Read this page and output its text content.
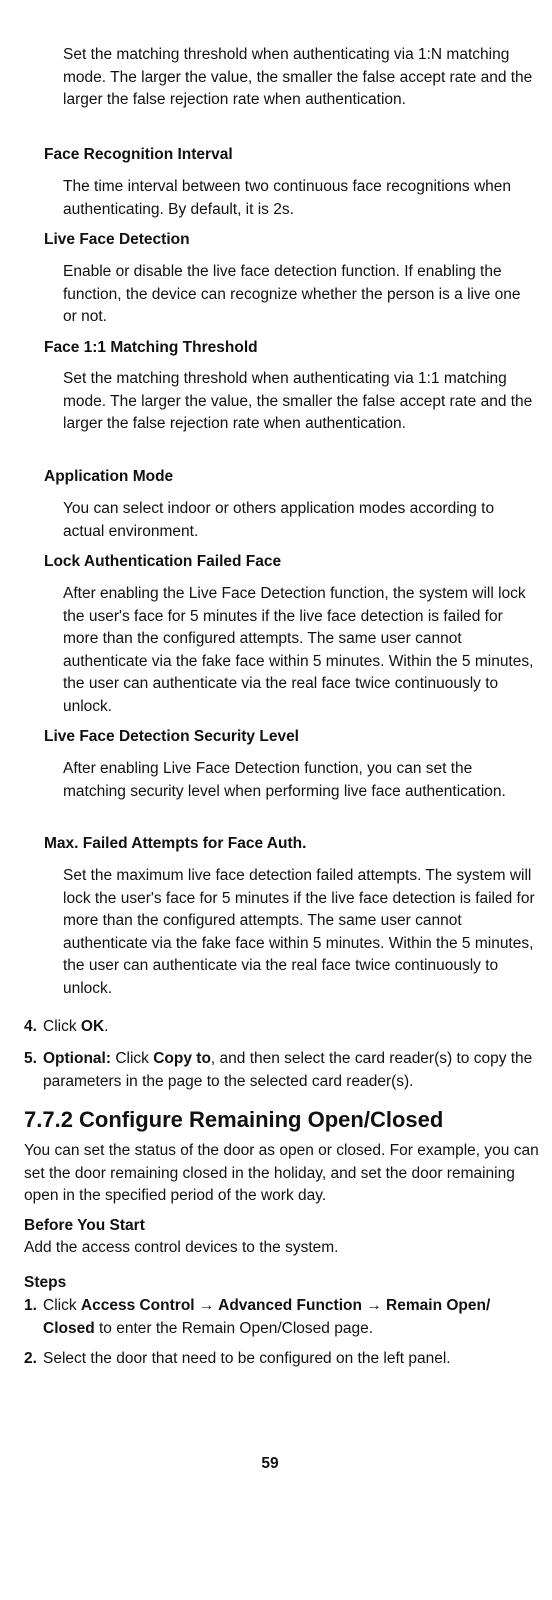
Set the matching threshold when authenticating via 1:N matching mode. The larger the value, the smaller the false accept rate and the larger the false rejection rate when authentication.

Face Recognition Interval

The time interval between two continuous face recognitions when authenticating. By default, it is 2s.

Live Face Detection

Enable or disable the live face detection function. If enabling the function, the device can recognize whether the person is a live one or not.

Face 1:1 Matching Threshold

Set the matching threshold when authenticating via 1:1 matching mode. The larger the value, the smaller the false accept rate and the larger the false rejection rate when authentication.

Application Mode

You can select indoor or others application modes according to actual environment.

Lock Authentication Failed Face

After enabling the Live Face Detection function, the system will lock the user's face for 5 minutes if the live face detection is failed for more than the configured attempts. The same user cannot authenticate via the fake face within 5 minutes. Within the 5 minutes, the user can authenticate via the real face twice continuously to unlock.

Live Face Detection Security Level

After enabling Live Face Detection function, you can set the matching security level when performing live face authentication.

Max. Failed Attempts for Face Auth.

Set the maximum live face detection failed attempts. The system will lock the user's face for 5 minutes if the live face detection is failed for more than the configured attempts. The same user cannot authenticate via the fake face within 5 minutes. Within the 5 minutes, the user can authenticate via the real face twice continuously to unlock.

4. Click OK.
5. Optional: Click Copy to, and then select the card reader(s) to copy the parameters in the page to the selected card reader(s).
7.7.2 Configure Remaining Open/Closed

You can set the status of the door as open or closed. For example, you can set the door remaining closed in the holiday, and set the door remaining open in the specified period of the work day.

Before You Start

Add the access control devices to the system.

Steps

1. Click Access Control → Advanced Function → Remain Open/ Closed to enter the Remain Open/Closed page.
2. Select the door that need to be configured on the left panel.

59
